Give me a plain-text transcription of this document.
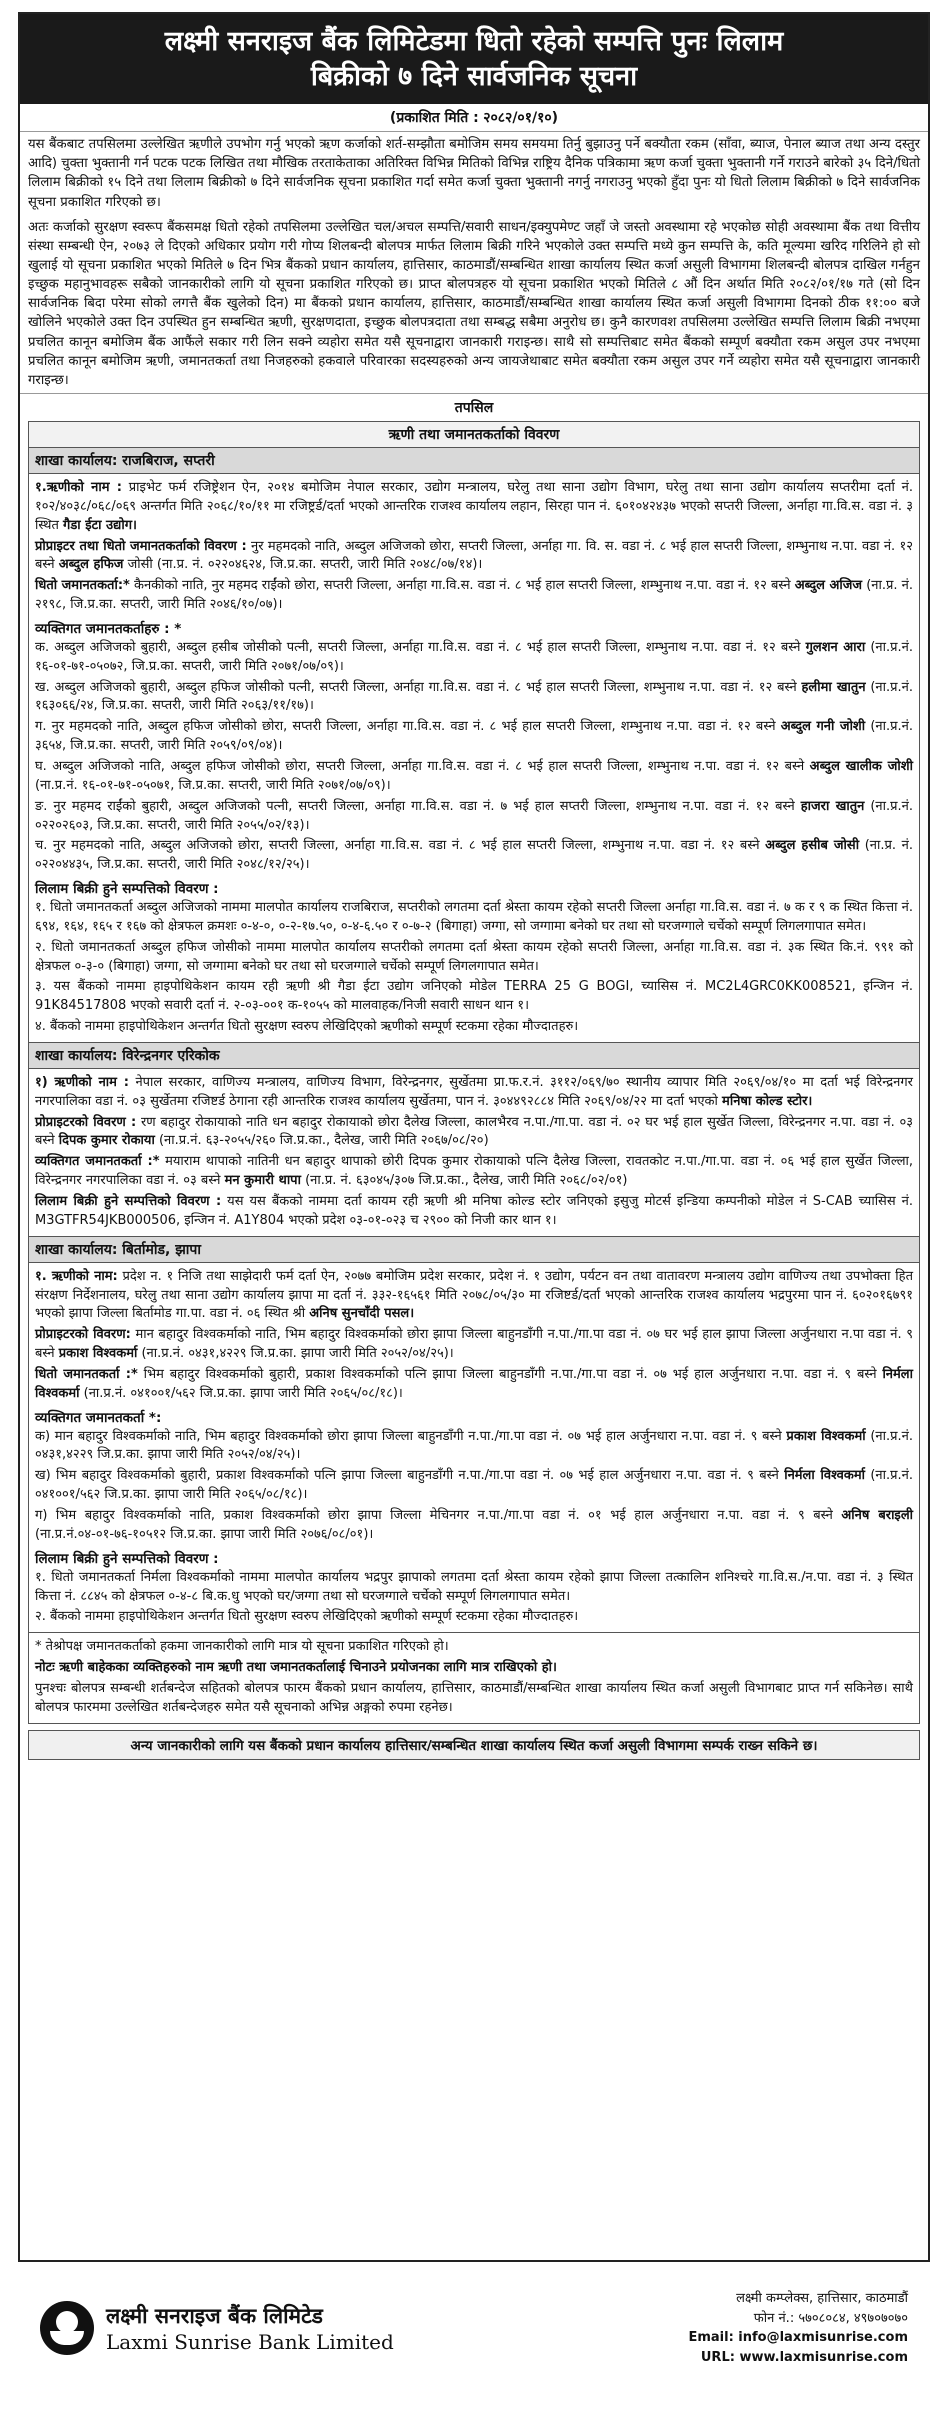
लक्ष्मी सनराइज बैंक लिमिटेडमा धितो रहेको सम्पत्ति पुनः लिलाम
बिक्रीको ७ दिने सार्वजनिक सूचना
(प्रकाशित मिति : २०८२/०१/१०)
यस बैंकबाट तपसिलमा उल्लेखित ऋणीले उपभोग गर्नु भएको ऋण कर्जाको शर्त-सम्झौता बमोजिम समय समयमा तिर्नु बुझाउनु पर्ने बक्यौता रकम (साँवा, ब्याज, पेनाल ब्याज तथा अन्य दस्तुर आदि) चुक्ता भुक्तानी गर्न पटक पटक लिखित तथा मौखिक तरताकेताका अतिरिक्त विभिन्न मितिको विभिन्न राष्ट्रिय दैनिक पत्रिकामा ऋण कर्जा चुक्ता भुक्तानी गर्ने गराउने बारेको ३५ दिने/धितो लिलाम बिक्रीको १५ दिने तथा लिलाम बिक्रीको ७ दिने सार्वजनिक सूचना प्रकाशित गर्दा समेत कर्जा चुक्ता भुक्तानी नगर्नु नगराउनु भएको हुँदा पुनः यो धितो लिलाम बिक्रीको ७ दिने सार्वजनिक सूचना प्रकाशित गरिएको छ।
अतः कर्जाको सुरक्षण स्वरूप बैंकसमक्ष धितो रहेको तपसिलमा उल्लेखित चल/अचल सम्पत्ति/सवारी साधन/इक्युपमेण्ट जहाँ जे जस्तो अवस्थामा रहे भएकोछ सोही अवस्थामा बैंक तथा वित्तीय संस्था सम्बन्धी ऐन, २०७३ ले दिएको अधिकार प्रयोग गरी गोप्य शिलबन्दी बोलपत्र मार्फत लिलाम बिक्री गरिने भएकोले उक्त सम्पत्ति मध्ये कुन सम्पत्ति के, कति मूल्यमा खरिद गरिलिने हो सो खुलाई यो सूचना प्रकाशित भएको मितिले ७ दिन भित्र बैंकको प्रधान कार्यालय, हात्तिसार, काठमाडौं/सम्बन्धित शाखा कार्यालय स्थित कर्जा असुली विभागमा शिलबन्दी बोलपत्र दाखिल गर्नहुन इच्छुक महानुभावहरू सबैको जानकारीको लागि यो सूचना प्रकाशित गरिएको छ। प्राप्त बोलपत्रहरु यो सूचना प्रकाशित भएको मितिले ८ औं दिन अर्थात मिति २०८२/०१/१७ गते (सो दिन सार्वजनिक बिदा परेमा सोको लगत्तै बैंक खुलेको दिन) मा बैंकको प्रधान कार्यालय, हात्तिसार, काठमाडौं/सम्बन्धित शाखा कार्यालय स्थित कर्जा असुली विभागमा दिनको ठीक ११:०० बजे खोलिने भएकोले उक्त दिन उपस्थित हुन सम्बन्धित ऋणी, सुरक्षणदाता, इच्छुक बोलपत्रदाता तथा सम्बद्ध सबैमा अनुरोध छ। कुनै कारणवश तपसिलमा उल्लेखित सम्पत्ति लिलाम बिक्री नभएमा प्रचलित कानून बमोजिम बैंक आफैंले सकार गरी लिन सक्ने व्यहोरा समेत यसै सूचनाद्वारा जानकारी गराइन्छ। साथै सो सम्पत्तिबाट समेत बैंकको सम्पूर्ण बक्यौता रकम असुल उपर नभएमा प्रचलित कानून बमोजिम ऋणी, जमानतकर्ता तथा निजहरुको हकवाले परिवारका सदस्यहरुको अन्य जायजेथाबाट समेत बक्यौता रकम असुल उपर गर्ने व्यहोरा समेत यसै सूचनाद्वारा जानकारी गराइन्छ।
तपसिल
ऋणी तथा जमानतकर्ताको विवरण
शाखा कार्यालय: राजबिराज, सप्तरी
१.ऋणीको नाम : प्राइभेट फर्म रजिष्ट्रेशन ऐन, २०१४ बमोजिम नेपाल सरकार, उद्योग मन्त्रालय, घरेलु तथा साना उद्योग विभाग, घरेलु तथा साना उद्योग कार्यालय सप्तरीमा दर्ता नं. १०२/४०३८/०६८/०६९ अन्तर्गत मिति २०६८/१०/११ मा रजिष्ट्रर्ड/दर्ता भएको आन्तरिक राजश्व कार्यालय लहान, सिरहा पान नं. ६०१०४२४३७ भएको सप्तरी जिल्ला, अर्नाहा गा.वि.स. वडा नं. ३ स्थित गैडा ईटा उद्योग।
प्रोप्राइटर तथा धितो जमानतकर्ताको विवरण : नुर महमदको नाति, अब्दुल अजिजको छोरा, सप्तरी जिल्ला, अर्नाहा गा. वि. स. वडा नं. ८ भई हाल सप्तरी जिल्ला, शम्भुनाथ न.पा. वडा नं. १२ बस्ने अब्दुल हफिज जोसी (ना.प्र. नं. ०२२०४६२४, जि.प्र.का. सप्तरी, जारी मिति २०४८/०७/१४)।
धितो जमानतकर्ता:* कैनकीको नाति, नुर महमद राईंको छोरा, सप्तरी जिल्ला, अर्नाहा गा.वि.स. वडा नं. ८ भई हाल सप्तरी जिल्ला, शम्भुनाथ न.पा. वडा नं. १२ बस्ने अब्दुल अजिज (ना.प्र. नं. २१९८, जि.प्र.का. सप्तरी, जारी मिति २०४६/१०/०७)।
व्यक्तिगत जमानतकर्ताहरु : *
क. अब्दुल अजिजको बुहारी, अब्दुल हसीब जोसीको पत्नी, सप्तरी जिल्ला, अर्नाहा गा.वि.स. वडा नं. ८ भई हाल सप्तरी जिल्ला, शम्भुनाथ न.पा. वडा नं. १२ बस्ने गुलशन आरा (ना.प्र.नं. १६-०१-७१-०५०७२, जि.प्र.का. सप्तरी, जारी मिति २०७१/०७/०९)।
ख. अब्दुल अजिजको बुहारी, अब्दुल हफिज जोसीको पत्नी, सप्तरी जिल्ला, अर्नाहा गा.वि.स. वडा नं. ८ भई हाल सप्तरी जिल्ला, शम्भुनाथ न.पा. वडा नं. १२ बस्ने हलीमा खातुन (ना.प्र.नं. १६३०६६/२४, जि.प्र.का. सप्तरी, जारी मिति २०६३/११/१७)।
ग. नुर महमदको नाति, अब्दुल हफिज जोसीको छोरा, सप्तरी जिल्ला, अर्नाहा गा.वि.स. वडा नं. ८ भई हाल सप्तरी जिल्ला, शम्भुनाथ न.पा. वडा नं. १२ बस्ने अब्दुल गनी जोशी (ना.प्र.नं. ३६५४, जि.प्र.का. सप्तरी, जारी मिति २०५९/०९/०४)।
घ. अब्दुल अजिजको नाति, अब्दुल हफिज जोसीको छोरा, सप्तरी जिल्ला, अर्नाहा गा.वि.स. वडा नं. ८ भई हाल सप्तरी जिल्ला, शम्भुनाथ न.पा. वडा नं. १२ बस्ने अब्दुल खालीक जोशी (ना.प्र.नं. १६-०१-७१-०५०७१, जि.प्र.का. सप्तरी, जारी मिति २०७१/०७/०९)।
ङ. नुर महमद राईंको बुहारी, अब्दुल अजिजको पत्नी, सप्तरी जिल्ला, अर्नाहा गा.वि.स. वडा नं. ७ भई हाल सप्तरी जिल्ला, शम्भुनाथ न.पा. वडा नं. १२ बस्ने हाजरा खातुन (ना.प्र.नं. ०२२०२६०३, जि.प्र.का. सप्तरी, जारी मिति २०५५/०२/१३)।
च. नुर महमदको नाति, अब्दुल अजिजको छोरा, सप्तरी जिल्ला, अर्नाहा गा.वि.स. वडा नं. ८ भई हाल सप्तरी जिल्ला, शम्भुनाथ न.पा. वडा नं. १२ बस्ने अब्दुल हसीब जोसी (ना.प्र. नं. ०२२०४४३५, जि.प्र.का. सप्तरी, जारी मिति २०४८/१२/२५)।
लिलाम बिक्री हुने सम्पत्तिको विवरण :
१. धितो जमानतकर्ता अब्दुल अजिजको नाममा मालपोत कार्यालय राजबिराज, सप्तरीको लगतमा दर्ता श्रेस्ता कायम रहेको सप्तरी जिल्ला अर्नाहा गा.वि.स. वडा नं. ७ क र ९ क स्थित कित्ता नं. ६९४, १६४, १६५ र १६७ को क्षेत्रफल क्रमशः ०-४-०, ०-२-१७.५०, ०-४-६.५० र ०-७-२ (बिगाहा) जग्गा, सो जग्गामा बनेको घर तथा सो घरजग्गाले चर्चेको सम्पूर्ण लिगलगापात समेत।
२. धितो जमानतकर्ता अब्दुल हफिज जोसीको नाममा मालपोत कार्यालय सप्तरीको लगतमा दर्ता श्रेस्ता कायम रहेको सप्तरी जिल्ला, अर्नाहा गा.वि.स. वडा नं. ३क स्थित कि.नं. ९९१ को क्षेत्रफल ०-३-० (बिगाहा) जग्गा, सो जग्गामा बनेको घर तथा सो घरजग्गाले चर्चेको सम्पूर्ण लिगलगापात समेत।
३. यस बैंकको नाममा हाइपोथिकेशन कायम रही ऋणी श्री गैडा ईटा उद्योग जनिएको मोडेल TERRA 25 G BOGI, च्यासिस नं. MC2L4GRC0KK008521, इन्जिन नं. 91K84517808 भएको सवारी दर्ता नं. २-०३-००१ क-१०५५ को मालवाहक/निजी सवारी साधन थान १।
४. बैंकको नाममा हाइपोथिकेशन अन्तर्गत धितो सुरक्षण स्वरुप लेखिदिएको ऋणीको सम्पूर्ण स्टकमा रहेका मौज्दातहरु।
शाखा कार्यालय: विरेन्द्रनगर एरिकोक
१) ऋणीको नाम : नेपाल सरकार, वाणिज्य मन्त्रालय, वाणिज्य विभाग, विरेन्द्रनगर, सुर्खेतमा प्रा.फ.र.नं. ३११२/०६९/७० स्थानीय व्यापार मिति २०६९/०४/१० मा दर्ता भई विरेन्द्रनगर नगरपालिका वडा नं. ०३ सुर्खेतमा रजिष्टर्ड ठेगाना रही आन्तरिक राजश्व कार्यालय सुर्खेतमा, पान नं. ३०४४९२८८४ मिति २०६९/०४/२२ मा दर्ता भएको मनिषा कोल्ड स्टोर।
प्रोप्राइटरको विवरण : रण बहादुर रोकायाको नाति धन बहादुर रोकायाको छोरा दैलेख जिल्ला, कालभैरव न.पा./गा.पा. वडा नं. ०२ घर भई हाल सुर्खेत जिल्ला, विरेन्द्रनगर न.पा. वडा नं. ०३ बस्ने दिपक कुमार रोकाया (ना.प्र.नं. ६३-२०५५/२६० जि.प्र.का., दैलेख, जारी मिति २०६७/०८/२०)
व्यक्तिगत जमानतकर्ता :* मयाराम थापाको नातिनी धन बहादुर थापाको छोरी दिपक कुमार रोकायाको पत्नि दैलेख जिल्ला, रावतकोट न.पा./गा.पा. वडा नं. ०६ भई हाल सुर्खेत जिल्ला, विरेन्द्रनगर नगरपालिका वडा नं. ०३ बस्ने मन कुमारी थापा (ना.प्र. नं. ६३०४५/३०७ जि.प्र.का., दैलेख, जारी मिति २०६८/०२/०१)
लिलाम बिक्री हुने सम्पत्तिको विवरण : यस यस बैंकको नाममा दर्ता कायम रही ऋणी श्री मनिषा कोल्ड स्टोर जनिएको इसुजु मोटर्स इन्डिया कम्पनीको मोडेल नं S-CAB च्यासिस नं. M3GTFR54JKB000506, इन्जिन नं. A1Y804 भएको प्रदेश ०३-०१-०२३ च २९०० को निजी कार थान १।
शाखा कार्यालय: बिर्तामोड, झापा
१. ऋणीको नाम: प्रदेश न. १ निजि तथा साझेदारी फर्म दर्ता ऐन, २०७७ बमोजिम प्रदेश सरकार, प्रदेश नं. १ उद्योग, पर्यटन वन तथा वातावरण मन्त्रालय उद्योग वाणिज्य तथा उपभोक्ता हित संरक्षण निर्देशनालय, घरेलु तथा साना उद्योग कार्यालय झापा मा दर्ता नं. ३३२-१६५६१ मिति २०७८/०५/३० मा रजिष्टर्ड/दर्ता भएको आन्तरिक राजश्व कार्यालय भद्रपुरमा पान नं. ६०२०१६७९१ भएको झापा जिल्ला बिर्तामोड गा.पा. वडा नं. ०६ स्थित श्री अनिष सुनचाँदी पसल।
प्रोप्राइटरको विवरण: मान बहादुर विश्वकर्माको नाति, भिम बहादुर विश्वकर्माको छोरा झापा जिल्ला बाहुनडाँगी न.पा./गा.पा वडा नं. ०७ घर भई हाल झापा जिल्ला अर्जुनधारा न.पा वडा नं. ९ बस्ने प्रकाश विश्वकर्मा (ना.प्र.नं. ०४३१,४२२९ जि.प्र.का. झापा जारी मिति २०५२/०४/२५)।
धितो जमानतकर्ता :* भिम बहादुर विश्वकर्माको बुहारी, प्रकाश विश्वकर्माको पत्नि झापा जिल्ला बाहुनडाँगी न.पा./गा.पा वडा नं. ०७ भई हाल अर्जुनधारा न.पा. वडा नं. ९ बस्ने निर्मला विश्वकर्मा (ना.प्र.नं. ०४१००१/५६२ जि.प्र.का. झापा जारी मिति २०६५/०८/१८)।
व्यक्तिगत जमानतकर्ता *:
क) मान बहादुर विश्वकर्माको नाति, भिम बहादुर विश्वकर्माको छोरा झापा जिल्ला बाहुनडाँगी न.पा./गा.पा वडा नं. ०७ भई हाल अर्जुनधारा न.पा. वडा नं. ९ बस्ने प्रकाश विश्वकर्मा (ना.प्र.नं. ०४३१,४२२९ जि.प्र.का. झापा जारी मिति २०५२/०४/२५)।
ख) भिम बहादुर विश्वकर्माको बुहारी, प्रकाश विश्वकर्माको पत्नि झापा जिल्ला बाहुनडाँगी न.पा./गा.पा वडा नं. ०७ भई हाल अर्जुनधारा न.पा. वडा नं. ९ बस्ने निर्मला विश्वकर्मा (ना.प्र.नं. ०४१००१/५६२ जि.प्र.का. झापा जारी मिति २०६५/०८/१८)।
ग) भिम बहादुर विश्वकर्माको नाति, प्रकाश विश्वकर्माको छोरा झापा जिल्ला मेचिनगर न.पा./गा.पा वडा नं. ०१ भई हाल अर्जुनधारा न.पा. वडा नं. ९ बस्ने अनिष बराइली (ना.प्र.नं.०४-०१-७६-१०५१२ जि.प्र.का. झापा जारी मिति २०७६/०८/०१)।
लिलाम बिक्री हुने सम्पत्तिको विवरण :
१. धितो जमानतकर्ता निर्मला विश्वकर्माको नाममा मालपोत कार्यालय भद्रपुर झापाको लगतमा दर्ता श्रेस्ता कायम रहेको झापा जिल्ला तत्कालिन शनिश्चरे गा.वि.स./न.पा. वडा नं. ३ स्थित कित्ता नं. ८८४५ को क्षेत्रफल ०-४-८ बि.क.धु भएको घर/जग्गा तथा सो घरजग्गाले चर्चेको सम्पूर्ण लिगलगापात समेत।
२. बैंकको नाममा हाइपोथिकेशन अन्तर्गत धितो सुरक्षण स्वरुप लेखिदिएको ऋणीको सम्पूर्ण स्टकमा रहेका मौज्दातहरु।
* तेश्रोपक्ष जमानतकर्ताको हकमा जानकारीको लागि मात्र यो सूचना प्रकाशित गरिएको हो।
नोटः ऋणी बाहेकका व्यक्तिहरुको नाम ऋणी तथा जमानतकर्तालाई चिनाउने प्रयोजनका लागि मात्र राखिएको हो।
पुनश्चः बोलपत्र सम्बन्धी शर्तबन्देज सहितको बोलपत्र फारम बैंकको प्रधान कार्यालय, हात्तिसार, काठमाडौं/सम्बन्धित शाखा कार्यालय स्थित कर्जा असुली विभागबाट प्राप्त गर्न सकिनेछ। साथै बोलपत्र फारममा उल्लेखित शर्तबन्देजहरु समेत यसै सूचनाको अभिन्न अङ्गको रुपमा रहनेछ।
अन्य जानकारीको लागि यस बैंकको प्रधान कार्यालय हात्तिसार/सम्बन्धित शाखा कार्यालय स्थित कर्जा असुली विभागमा सम्पर्क राख्न सकिने छ।
लक्ष्मी सनराइज बैंक लिमिटेड
Laxmi Sunrise Bank Limited
लक्ष्मी कम्प्लेक्स, हात्तिसार, काठमाडौं
फोन नं.: ५७०८०८४, ४९७०७०७०
Email: info@laxmisunrise.com
URL: www.laxmisunrise.com
